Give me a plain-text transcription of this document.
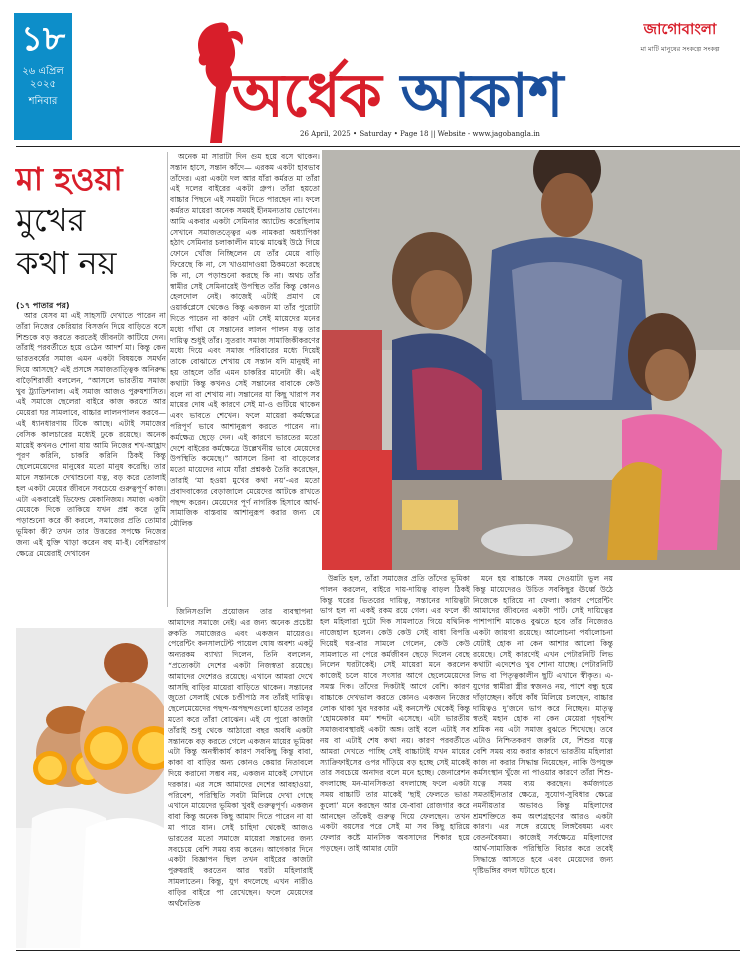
১৮
২৬ এপ্রিল
২০২৫
শনিবার	অর্ধেক আকাশ
জাগোবাংলা
মা মাটি মানুষের সংকল্পে সংকল্প
26 April, 2025 • Saturday • Page 18 || Website - www.jagobangla.in
মা হওয়া
মুখের
কথা নয়
(১৭ পাতার পর)

আর যেসব মা এই সাহসটি দেখাতে পারেন না তাঁরা নিজের কেরিয়ার বিসর্জন দিয়ে বাড়িতে বসে শিশুকে বড় করতে করতেই জীবনটা কাটিয়ে দেন। তাঁরাই পরবর্তীতে হয়ে ওঠেন আদর্শ মা। কিন্তু কেন ভারতবর্ষের সমাজ এমন একটা বিষয়কে সমর্থন দিয়ে আসছে? এই প্রসঙ্গে সমাজতাত্ত্বিক অনিরুদ্ধ বাড়ৈশিরাজী বললেন, “আসলে ভারতীয় সমাজ খুব ট্র্যাডিশনাল। এই সমাজ আজও পুরুষশাসিত। এই সমাজে ছেলেরা বাইরে কাজ করতে আর মেয়েরা ঘর সামলাবে, বাচ্চার লালনপালন করবে— এই ধ্যানধারণায় টিকে আছে। এটাই সমাজের বেসিক কালচারের মধ্যেই ঢুকে রয়েছে। অনেক মায়েই কখনও শোনা যায় আমি নিজের শখ-আহ্লাদ পূরণ করিনি, চাকরি করিনি ঠিকই কিন্তু ছেলেমেয়েদের মানুষের মতো মানুষ করেছি। তার মানে সন্তানকে দেখাশুনো যত্ন, বড় করে তোলাই হল একটা মেয়ের জীবনে সবচেয়ে গুরুত্বপূর্ণ কাজ। এটা একবারেই ডিফেন্ড মেকানিজম। সমাজ একটা মেয়েকে দিকে তাকিয়ে যখন প্রশ্ন করে তুমি পড়াশুনো করে কী করলে, সমাজের প্রতি তোমার ভূমিকা কী? তখন তার উত্তরের সপক্ষে নিজের জন্য এই যুক্তি খাড়া করেন বহু মা-ই। বেশিরভাগ ক্ষেত্রে মেয়েরাই দেখাবেন

অনেক মা সারাটা দিন গুম হয়ে বসে থাকেন। সন্তান হাসে, সন্তান কাঁদে— এরকম একটা হাবভাব তাঁদের। এরা একটা দল আর যাঁরা কর্মরত মা তাঁরা এই দলের বাইরের একটা গ্রুপ। তাঁরা হয়তো বাচ্চার পিছনে এই সময়টা দিতে পারছেন না। ফলে কর্মরত মায়েরা অনেক সময়ই হীনমন্যতায় ভোগেন। আমি একবার একটা সেমিনার অ্যাটেন্ড করেছিলাম সেখানে সমাজতত্ত্বের এক নামকরা অধ্যাপিকা হঠাৎ সেমিনার চলাকালীন মাঝে মাঝেই উঠে গিয়ে ফোনে খোঁজ নিচ্ছিলেন যে তাঁর মেয়ে বাড়ি ফিরেছে কি না, সে খাওয়াদাওয়া ঠিকমতো করেছে কি না, সে পড়াশুনো করছে কি না। অথচ তাঁর স্বামীর সেই সেমিনারেই উপস্থিত তাঁর কিন্তু কোনও হেলদোল নেই। কাজেই এটাই প্রমাণ যে ওয়ার্কপ্লেসে থেকেও কিন্তু একজন মা তাঁর পুরোটা দিতে পারেন না কারণ এটা সেই মায়েদের মনের মধ্যে গাঁথা যে সন্তানের লালন পালন যত্ন তার দায়িত্ব শুধুই তাঁর। সুতরাং সমাজ সামাজিকীকরণের মধ্যে দিয়ে এবং সমাজ পরিবারের মধ্যে দিয়েই তাকে বোঝাতে শেখায় যে সন্তান যদি মানুষই না হয় তাহলে তাঁর এমন চাকরির মানেটা কী। এই কথাটা কিন্তু কখনও সেই সন্তানের বাবাকে কেউ বলে না বা শেখায় না। সন্তানের যা কিছু খারাপ সব মায়ের দোষ এই কারণে সেই মা-ও গুটিয়ে থাকেন এবং ভাবতে শেখেন। ফলে মায়েরা কর্মক্ষেত্রে পরিপূর্ণ ভাবে আশানুরূপ করতে পারেন না। কর্মক্ষেত্র ছেড়ে দেন। এই কারণে ভারতের মতো দেশে বাইরের কর্মক্ষেত্রে উল্লেখনীয় ভাবে মেয়েদের উপস্থিতি কমেছে।” আসলে রিনা বা বাড়েলের মতো মায়েদের নামে যাঁরা প্রশ্নকণ্ঠ তৈরি করেছেন, তারাই ‘মা হওয়া মুখের কথা নয়’-এর মতো প্রবাদবাক্যের বেড়াজালে মেয়েদের আটকে রাখতে পছন্দ করেন। মেয়েদের পূর্ণ নাগরিক হিসাবে আর্থ-সামাজিক বাস্তবায় আশানুরূপ করার জন্য যে মৌলিক

জিনিসগুলি প্রয়োজন তার ব্যবস্থাপনা আমাদের সমাজে নেই। এর জন্য অনেক প্রচেষ্টা রুকতি সমাজেরও এবং একজন মায়েরও। পেরেন্টিং কনসালটেন্ট পায়েল ঘোষ অবশ্য একটু অন্যরকম ব্যাখ্যা দিলেন, তিনি বললেন, “প্রত্যেকটা দেশের একটা নিজস্বতা রয়েছে। আমাদের দেশেরও রয়েছে। এখানে আমরা দেখে আসছি বাড়ির মায়েরা বাড়িতে থাকেন। সন্তানের জুতো সেলাই থেকে চণ্ডীপাঠ সব তাঁরই দায়িত্ব। ছেলেমেয়েদের পছন্দ-অপছন্দগুলো হাতের তালুর মতো করে তাঁরা বোঝেন। এই যে পুরো কাজটা তাঁরাই শুধু থেকে আঠারো বছর অবধি একটা সন্তানকে বড় করতে গেলে একজন মায়ের ভূমিকা এটা কিন্তু অনস্বীকার্য কারণ সবকিছু কিন্তু বাবা, কাকা বা বাড়ির অন্য কোনও কেয়ার নিতাবলে দিয়ে করানো সম্ভব নয়, একজন মাকেই সেখানে দরকার। এর সঙ্গে আমাদের দেশের আবহাওয়া, পরিবেশ, পরিস্থিতি সবটা মিলিয়ে দেখা গেছে এখানে মায়েদের ভূমিকা খুবই গুরুত্বপূর্ণ। একজন বাবা কিন্তু অনেক কিছু আমাদ দিতে পারেন না যা মা পারে যান। সেই চাহিদা থেকেই আজও ভারতের মতো সমাজে মায়েরা সন্তানের জন্য সবচেয়ে বেশি সময় ব্যয় করেন। আগেকার দিনে একটা বিজ্ঞাপন ছিল তখন বাইরের কাজটা পুরুষরাই করতেন আর ঘরটা মহিলারাই সামলাতেন। কিন্তু, যুগ বদলেছে এখন নারীও বাড়ির বাইরে পা রেখেছেন। ফলে মেয়েদের অর্থনৈতিক

উন্নতি হল, তাঁরা সমাজের প্রতি তাঁদের ভূমিকা পালন করলেন, বাইরে দায়-দায়িত্ব বাড়ল ঠিকই কিন্তু ঘরের ভিতরের দায়িত্ব, সন্তানের দায়িত্বটা ভাগ হল না একই রকম রয়ে গেল। এর ফলে কী হল মহিলারা দুটো দিক সামলাতে গিয়ে যথিনিক নাজেহাল হলেন। কেউ কেউ সেই বাধা বিপত্তি দিয়েই ঘর-বার সামলে গেলেন, কেউ কেউ সামলাতে না পেরে কর্মজীবন ছেড়ে দিলেন বেছে নিলেন ঘরটাকেই। সেই মায়েরা মনে করলেন কাজেই চলে যাবে সংসার আগে ছেলেমেয়েদের সমস্ত দিক। তাঁদের দিকটাই আগে বেশি। কারণ বাচ্চাকে দেখভাল করতে কোনও একজন নিজের লোক থাকা খুব দরকার এই কনসেপ্ট থেকেই কিন্তু ‘হোমমেকার মম’ শব্দটা এসেছে। এটা ভারতীয় সমাজব্যবস্থারই একটা অঙ্গ। তাই বলে এটাই সব নয় বা এটাই শেষ কথা নয়। কারণ পরবর্তীতে আমরা দেখতে পাচ্ছি সেই বাচ্চাটাই যখন মায়ের স্যাক্রিফাইসের ওপর দাঁড়িয়ে বড় হচ্ছে সেই মাকেই তার সবচেয়ে অনাদর বলে মনে হচ্ছে। জেনারেশন বদলাচ্ছে মন-মানসিকতা বদলাচ্ছে ফলে একটা সময় বাচ্চাটি তার মাকেই ‘ছাই ফেলতে ভাঙা কুলো’ মনে করছেন আর যে-বাবা রোজগার করে আনছেন তাঁকেই গুরুত্ব দিয়ে ফেলছেন। তখন একটা বয়সের পরে সেই মা সব কিছু হারিয়ে ফেলার কষ্টে মানসিক অবসাদের শিকার হয়ে পড়ছেন। তাই আমার যেটা

মনে হয় বাচ্চাকে সময় দেওয়াটা ভুল নয় কিন্তু মায়েদেরও উচিত সবকিছুর ঊর্ধ্বে উঠে নিজেকে হারিয়ে না ফেলা। কারণ পেরেন্টিং আমাদের জীবনের একটা পার্ট। সেই দায়িত্বের পাশাপাশি মাকেও বুঝতে হবে তাঁর নিজেরও একটা জায়গা রয়েছে। আলোচনা পর্যালোচনা যেটাই হোক না কেন আশার আলো কিন্তু রয়েছে। সেই কারণেই এখন পেটারনিটি লিভ কথাটা এদেশেও খুব শোনা যাচ্ছে। পেটারনিটি লিভ বা পিতৃত্বকালীন ছুটি এখানে স্বীকৃত। এ-যুগের স্বামীরা স্ত্রীর স্বজনও নয়, পাশে বন্ধু হয়ে দাঁড়াচ্ছেন। কাঁধে কাঁধ মিলিয়ে চলছেন, বাচ্চার দায়িত্বও দু’জনে ভাগ করে নিচ্ছেন। মাতৃত্ব স্বতই মহান হোক না কেন মেয়েরা গৃহবন্দি শ্রমিক নয় এটা সমাজ বুঝতে শিখেছে। তবে এটাও নিশ্চিতকরণ জরুরি যে, শিশুর যত্নে বেশি সময় ব্যয় করার কারণে ভারতীয় মহিলারা কাজ না করার সিদ্ধান্ত নিয়েছেন, নাকি উপযুক্ত কর্মসংস্থান খুঁজে না পাওয়ার কারণে তাঁরা শিশু-যত্নে সময় ব্যয় করছেন। কর্মজগতে সমতাহীনতার ক্ষেত্রে, সুযোগ-সুবিধার ক্ষেত্রে নমনীয়তার অভাবও কিন্তু মহিলাদের শ্রমশক্তিতে কম অংশগ্রহণের আরও একটা কারণ। এর সঙ্গে রয়েছে লিঙ্গবৈষম্য এবং বেতনবৈষম্য। কাজেই সর্বক্ষেত্রে মহিলাদের আর্থ-সামাজিক পরিস্থিতি বিচার করে তবেই সিদ্ধান্তে আসতে হবে এবং মেয়েদের জন্য দৃষ্টিভঙ্গির বদল ঘটাতে হবে।
